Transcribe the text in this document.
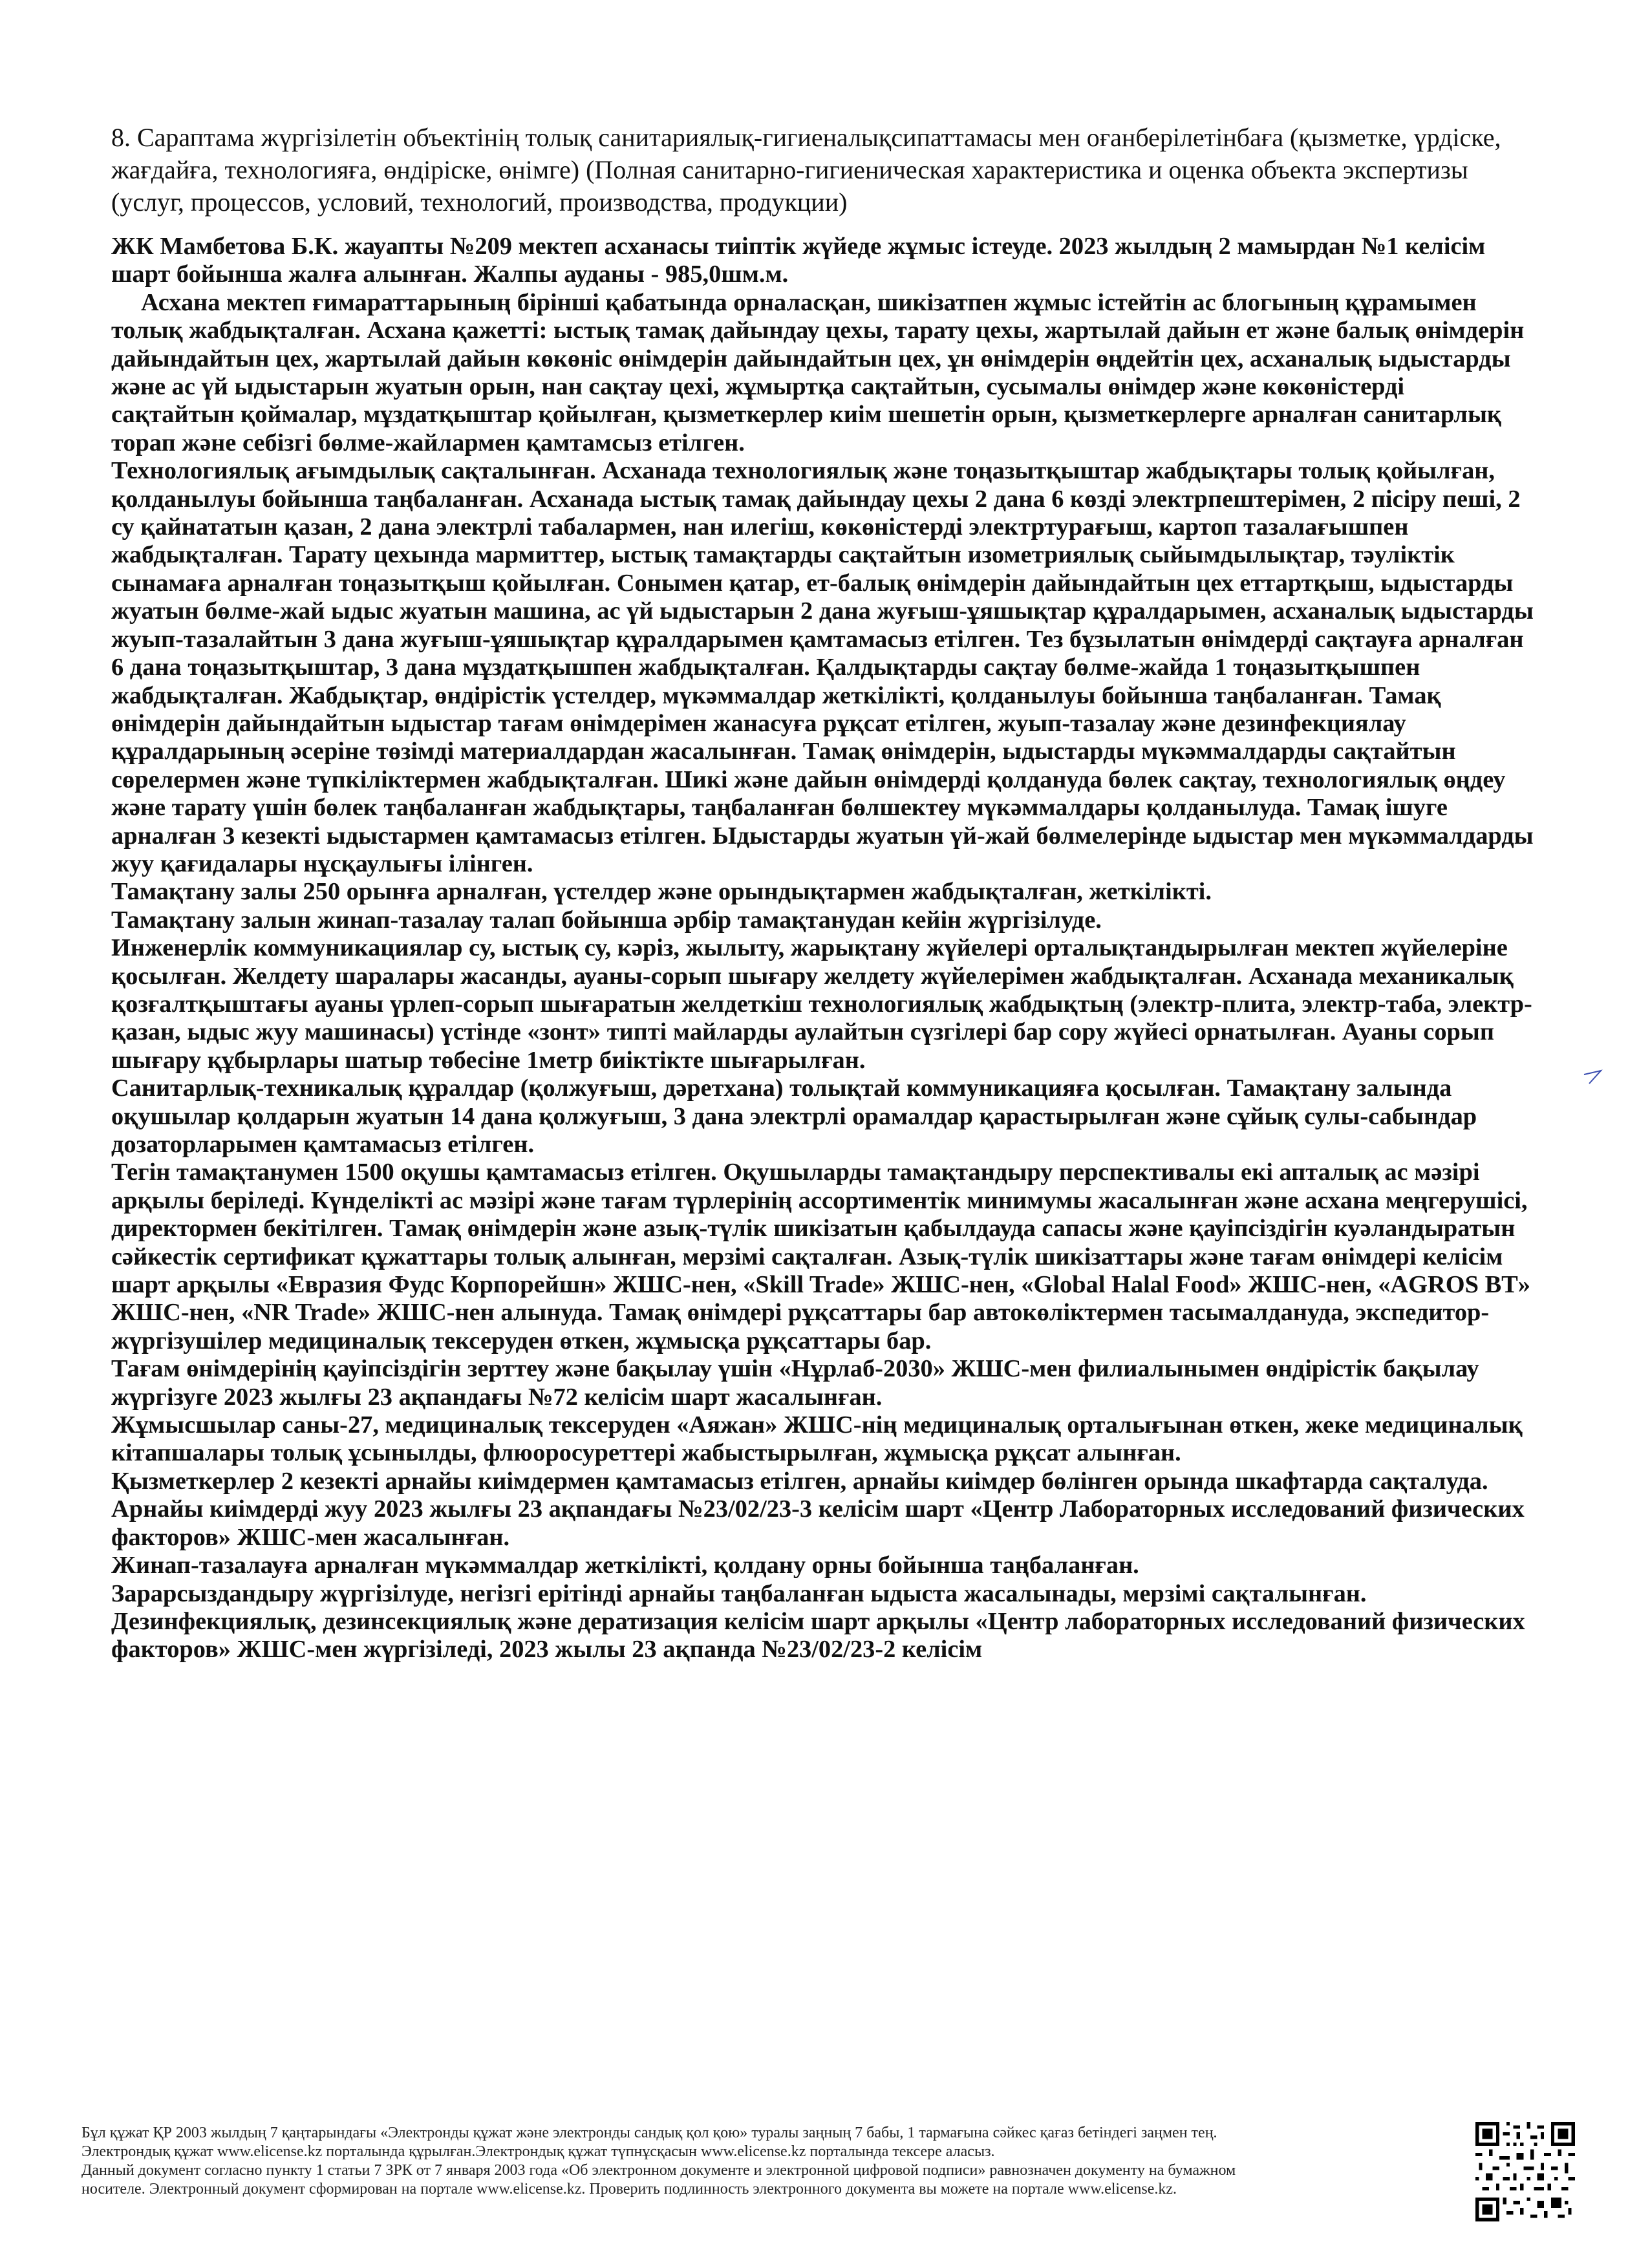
8. Сараптама жүргізілетін объектінің толық санитариялық-гигиеналықсипаттамасы мен оғанберілетінбаға (қызметке, үрдіске, жағдайға, технологияға, өндіріске, өнімге) (Полная санитарно-гигиеническая характеристика и оценка объекта экспертизы (услуг, процессов, условий, технологий, производства, продукции)

ЖК Мамбетова Б.К. жауапты №209 мектеп асханасы тиіптік жүйеде жұмыс істеуде. 2023 жылдың 2 мамырдан №1 келісім шарт бойынша жалға алынған. Жалпы ауданы - 985,0шм.м.

Асхана мектеп ғимараттарының бірінші қабатында орналасқан, шикізатпен жұмыс істейтін ас блогының құрамымен толық жабдықталған. Асхана қажетті: ыстық тамақ дайындау цехы, тарату цехы, жартылай дайын ет және балық өнімдерін дайындайтын цех, жартылай дайын көкөніс өнімдерін дайындайтын цех, ұн өнімдерін өңдейтін цех, асханалық ыдыстарды және ас үй ыдыстарын жуатын орын, нан сақтау цехі, жұмыртқа сақтайтын, сусымалы өнімдер және көкөністерді сақтайтын қоймалар, мұздатқыштар қойылған, қызметкерлер киім шешетін орын, қызметкерлерге арналған санитарлық торап және себізгі бөлме-жайлармен қамтамсыз етілген.

Технологиялық ағымдылық сақталынған. Асханада технологиялық және тоңазытқыштар жабдықтары толық қойылған, қолданылуы бойынша таңбаланған. Асханада ыстық тамақ дайындау цехы 2 дана 6 көзді электрпештерімен, 2 пісіру пеші, 2 су қайнататын қазан, 2 дана электрлі табалармен, нан илегіш, көкөністерді электртурағыш, картоп тазалағышпен жабдықталған. Тарату цехында мармиттер, ыстық тамақтарды сақтайтын изометриялық сыйымдылықтар, тәуліктік сынамаға арналған тоңазытқыш қойылған. Сонымен қатар, ет-балық өнімдерін дайындайтын цех еттартқыш, ыдыстарды жуатын бөлме-жай ыдыс жуатын машина, ас үй ыдыстарын 2 дана жуғыш-ұяшықтар құралдарымен, асханалық ыдыстарды жуып-тазалайтын 3 дана жуғыш-ұяшықтар құралдарымен қамтамасыз етілген. Тез бұзылатын өнімдерді сақтауға арналған 6 дана тоңазытқыштар, 3 дана мұздатқышпен жабдықталған. Қалдықтарды сақтау бөлме-жайда 1 тоңазытқышпен жабдықталған. Жабдықтар, өндірістік үстелдер, мүкәммалдар жеткілікті, қолданылуы бойынша таңбаланған. Тамақ өнімдерін дайындайтын ыдыстар тағам өнімдерімен жанасуға рұқсат етілген, жуып-тазалау және дезинфекциялау құралдарының әсеріне төзімді материалдардан жасалынған. Тамақ өнімдерін, ыдыстарды мүкәммалдарды сақтайтын сөрелермен және түпкіліктермен жабдықталған. Шикі және дайын өнімдерді қолдануда бөлек сақтау, технологиялық өңдеу және тарату үшін бөлек таңбаланған жабдықтары, таңбаланған бөлшектеу мүкәммалдары қолданылуда. Тамақ ішуге арналған 3 кезекті ыдыстармен қамтамасыз етілген. Ыдыстарды жуатын үй-жай бөлмелерінде ыдыстар мен мүкәммалдарды жуу қағидалары нұсқаулығы ілінген.

Тамақтану залы 250 орынға арналған, үстелдер және орындықтармен жабдықталған, жеткілікті.

Тамақтану залын жинап-тазалау талап бойынша әрбір тамақтанудан кейін жүргізілуде.

Инженерлік коммуникациялар су, ыстық су, кәріз, жылыту, жарықтану жүйелері орталықтандырылған мектеп жүйелеріне қосылған. Желдету шаралары жасанды, ауаны-сорып шығару желдету жүйелерімен жабдықталған. Асханада механикалық қозғалтқыштағы ауаны үрлеп-сорып шығаратын желдеткіш технологиялық жабдықтың (электр-плита, электр-таба, электр-қазан, ыдыс жуу машинасы) үстінде «зонт» типті майларды аулайтын сүзгілері бар сору жүйесі орнатылған. Ауаны сорып шығару құбырлары шатыр төбесіне 1метр биіктікте шығарылған.

Санитарлық-техникалық құралдар (қолжуғыш, дәретхана) толықтай коммуникацияға қосылған. Тамақтану залында оқушылар қолдарын жуатын 14 дана қолжуғыш, 3 дана электрлі орамалдар қарастырылған және сұйық сулы-сабындар дозаторларымен қамтамасыз етілген.

Тегін тамақтанумен 1500 оқушы қамтамасыз етілген. Оқушыларды тамақтандыру перспективалы екі апталық ас мәзірі арқылы беріледі. Күнделікті ас мәзірі және тағам түрлерінің ассортиментік минимумы жасалынған және асхана меңгерушісі, директормен бекітілген. Тамақ өнімдерін және азық-түлік шикізатын қабылдауда сапасы және қауіпсіздігін куәландыратын сәйкестік сертификат құжаттары толық алынған, мерзімі сақталған. Азық-түлік шикізаттары және тағам өнімдері келісім шарт арқылы «Евразия Фудс Корпорейшн» ЖШС-нен, «Skill Trade» ЖШС-нен, «Global Halal Food» ЖШС-нен, «AGROS BT» ЖШС-нен, «NR Trade» ЖШС-нен алынуда. Тамақ өнімдері рұқсаттары бар автокөліктермен тасымалдануда, экспедитор-жүргізушілер медициналық тексеруден өткен, жұмысқа рұқсаттары бар.

Тағам өнімдерінің қауіпсіздігін зерттеу және бақылау үшін «Нұрлаб-2030» ЖШС-мен филиалынымен өндірістік бақылау жүргізуге 2023 жылғы 23 ақпандағы №72 келісім шарт жасалынған.

Жұмысшылар саны-27, медициналық тексеруден «Аяжан» ЖШС-нің медициналық орталығынан өткен, жеке медициналық кітапшалары толық ұсынылды, флюоросуреттері жабыстырылған, жұмысқа рұқсат алынған.

Қызметкерлер 2 кезекті арнайы киімдермен қамтамасыз етілген, арнайы киімдер бөлінген орында шкафтарда сақталуда. Арнайы киімдерді жуу 2023 жылғы 23 ақпандағы №23/02/23-3 келісім шарт «Центр Лабораторных исследований физических факторов» ЖШС-мен жасалынған.

Жинап-тазалауға арналған мүкәммалдар жеткілікті, қолдану орны бойынша таңбаланған.

Зарарсыздандыру жүргізілуде, негізгі ерітінді арнайы таңбаланған ыдыста жасалынады, мерзімі сақталынған.

Дезинфекциялық, дезинсекциялық және дератизация келісім шарт арқылы «Центр лабораторных исследований физических факторов» ЖШС-мен жүргізіледі, 2023 жылы 23 ақпанда №23/02/23-2 келісім

Бұл құжат ҚР 2003 жылдың 7 қаңтарындағы «Электронды құжат және электронды сандық қол қою» туралы заңның 7 бабы, 1 тармағына сәйкес қағаз бетіндегі заңмен тең.

Электрондық құжат www.elicense.kz порталында құрылған.Электрондық құжат түпнұсқасын www.elicense.kz порталында тексере аласыз.

Данный документ согласно пункту 1 статьи 7 ЗРК от 7 января 2003 года «Об электронном документе и электронной цифровой подписи» равнозначен документу на бумажном

носителе. Электронный документ сформирован на портале www.elicense.kz. Проверить подлинность электронного документа вы можете на портале www.elicense.kz.
